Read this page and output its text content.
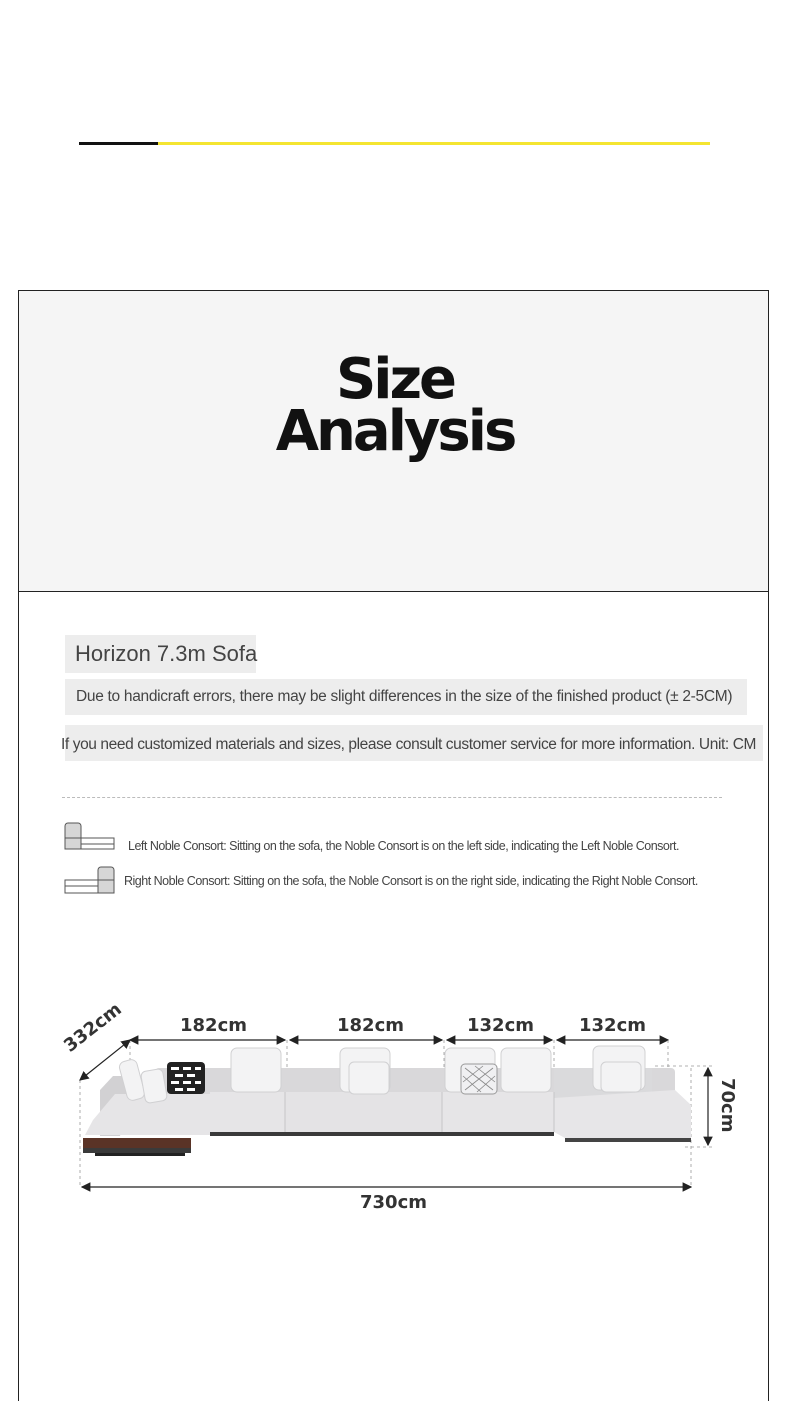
Size
Analysis
Horizon 7.3m Sofa
Due to handicraft errors, there may be slight differences in the size of the finished product (± 2-5CM)
If you need customized materials and sizes, please consult customer service for more information. Unit: CM
Left Noble Consort: Sitting on the sofa, the Noble Consort is on the left side, indicating the Left Noble Consort.
Right Noble Consort: Sitting on the sofa, the Noble Consort is on the right side, indicating the Right Noble Consort.
182cm	182cm	132cm	132cm
332cm
70cm
730cm
